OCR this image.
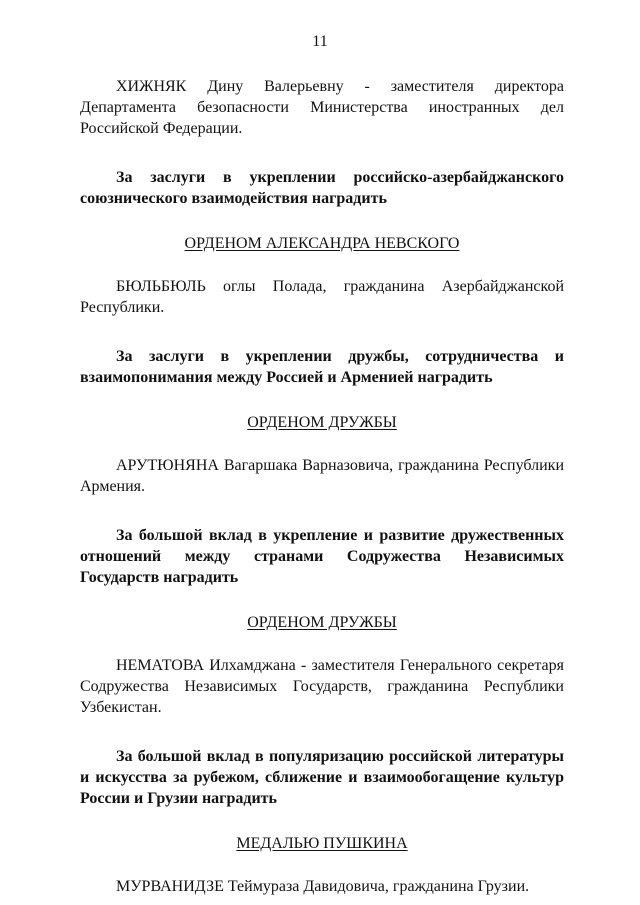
11

ХИЖНЯК Дину Валерьевну - заместителя директора Департамента безопасности Министерства иностранных дел Российской Федерации.

За заслуги в укреплении российско-азербайджанского союзнического взаимодействия наградить

ОРДЕНОМ АЛЕКСАНДРА НЕВСКОГО

БЮЛЬБЮЛЬ оглы Полада, гражданина Азербайджанской Республики.

За заслуги в укреплении дружбы, сотрудничества и взаимопонимания между Россией и Арменией наградить

ОРДЕНОМ ДРУЖБЫ

АРУТЮНЯНА Вагаршака Варназовича, гражданина Республики Армения.

За большой вклад в укрепление и развитие дружественных отношений между странами Содружества Независимых Государств наградить

ОРДЕНОМ ДРУЖБЫ

НЕМАТОВА Илхамджана - заместителя Генерального секретаря Содружества Независимых Государств, гражданина Республики Узбекистан.

За большой вклад в популяризацию российской литературы и искусства за рубежом, сближение и взаимообогащение культур России и Грузии наградить

МЕДАЛЬЮ ПУШКИНА

МУРВАНИДЗЕ Теймураза Давидовича, гражданина Грузии.
